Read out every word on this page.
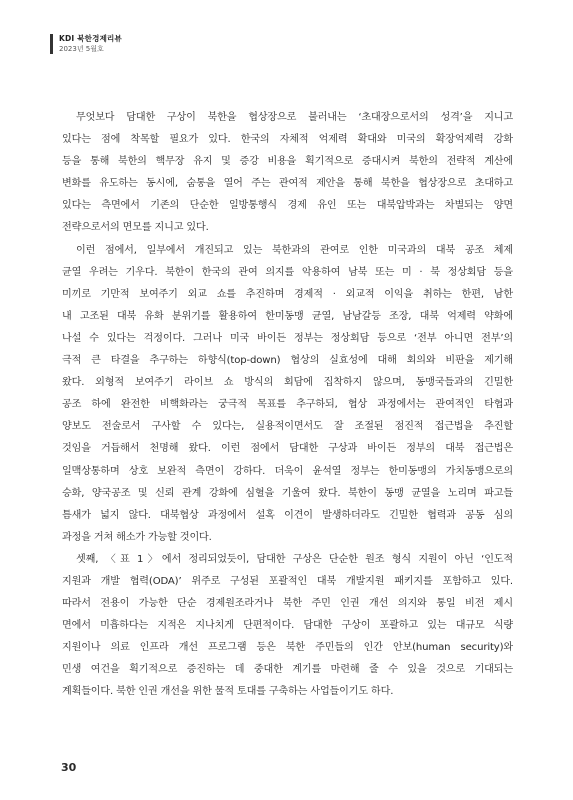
KDI 북한경제리뷰
2023년 5월호
무엇보다 담대한 구상이 북한을 협상장으로 불러내는 ‘초대장으로서의 성격’을 지니고
있다는 점에 착목할 필요가 있다. 한국의 자체적 억제력 확대와 미국의 확장억제력 강화
등을 통해 북한의 핵무장 유지 및 증강 비용을 획기적으로 증대시켜 북한의 전략적 계산에
변화를 유도하는 동시에, 숨통을 열어 주는 관여적 제안을 통해 북한을 협상장으로 초대하고
있다는 측면에서 기존의 단순한 일방통행식 경제 유인 또는 대북압박과는 차별되는 양면
전략으로서의 면모를 지니고 있다.
이런 점에서, 일부에서 개진되고 있는 북한과의 관여로 인한 미국과의 대북 공조 체제
균열 우려는 기우다. 북한이 한국의 관여 의지를 악용하여 남북 또는 미 · 북 정상회담 등을
미끼로 기만적 보여주기 외교 쇼를 추진하며 경제적 · 외교적 이익을 취하는 한편, 남한
내 고조된 대북 유화 분위기를 활용하여 한미동맹 균열, 남남갈등 조장, 대북 억제력 약화에
나설 수 있다는 걱정이다. 그러나 미국 바이든 정부는 정상회담 등으로 ‘전부 아니면 전부’의
극적 큰 타결을 추구하는 하향식(top-down) 협상의 실효성에 대해 회의와 비판을 제기해
왔다. 외형적 보여주기 라이브 쇼 방식의 회담에 집착하지 않으며, 동맹국들과의 긴밀한
공조 하에 완전한 비핵화라는 궁극적 목표를 추구하되, 협상 과정에서는 관여적인 타협과
양보도 전술로서 구사할 수 있다는, 실용적이면서도 잘 조절된 점진적 접근법을 추진할
것임을 거듭해서 천명해 왔다. 이런 점에서 담대한 구상과 바이든 정부의 대북 접근법은
일맥상통하며 상호 보완적 측면이 강하다. 더욱이 윤석열 정부는 한미동맹의 가치동맹으로의
승화, 양국공조 및 신뢰 관계 강화에 심혈을 기울여 왔다. 북한이 동맹 균열을 노리며 파고들
틈새가 넓지 않다. 대북협상 과정에서 설혹 이견이 발생하더라도 긴밀한 협력과 공동 심의
과정을 거쳐 해소가 가능할 것이다.
셋째, 〈표 1〉에서 정리되었듯이, 담대한 구상은 단순한 원조 형식 지원이 아닌 ‘인도적
지원과 개발 협력(ODA)’ 위주로 구성된 포괄적인 대북 개발지원 패키지를 포함하고 있다.
따라서 전용이 가능한 단순 경제원조라거나 북한 주민 인권 개선 의지와 통일 비전 제시
면에서 미흡하다는 지적은 지나치게 단편적이다. 담대한 구상이 포괄하고 있는 대규모 식량
지원이나 의료 인프라 개선 프로그램 등은 북한 주민들의 인간 안보(human security)와
민생 여건을 획기적으로 증진하는 데 중대한 계기를 마련해 줄 수 있을 것으로 기대되는
계획들이다. 북한 인권 개선을 위한 물적 토대를 구축하는 사업들이기도 하다.
30
